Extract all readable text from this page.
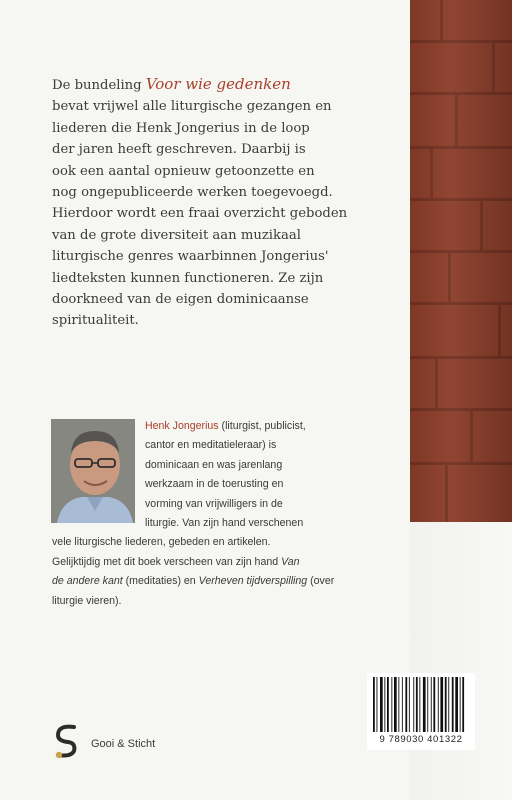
De bundeling Voor wie gedenken

bevat vrijwel alle liturgische gezangen en

liederen die Henk Jongerius in de loop

der jaren heeft geschreven. Daarbij is

ook een aantal opnieuw getoonzette en

nog ongepubliceerde werken toegevoegd.

Hierdoor wordt een fraai overzicht geboden

van de grote diversiteit aan muzikaal

liturgische genres waarbinnen Jongerius'

liedteksten kunnen functioneren. Ze zijn

doorkneed van de eigen dominicaanse

spiritualiteit.

Henk Jongerius (liturgist, publicist,
cantor en meditatieleraar) is
dominicaan en was jarenlang
werkzaam in de toerusting en
vorming van vrijwilligers in de
liturgie. Van zijn hand verschenen
vele liturgische liederen, gebeden en artikelen.
Gelijktijdig met dit boek verscheen van zijn hand Van
de andere kant (meditaties) en Verheven tijdverspilling (over
liturgie vieren).
Gooi & Sticht	9 789030 401322
